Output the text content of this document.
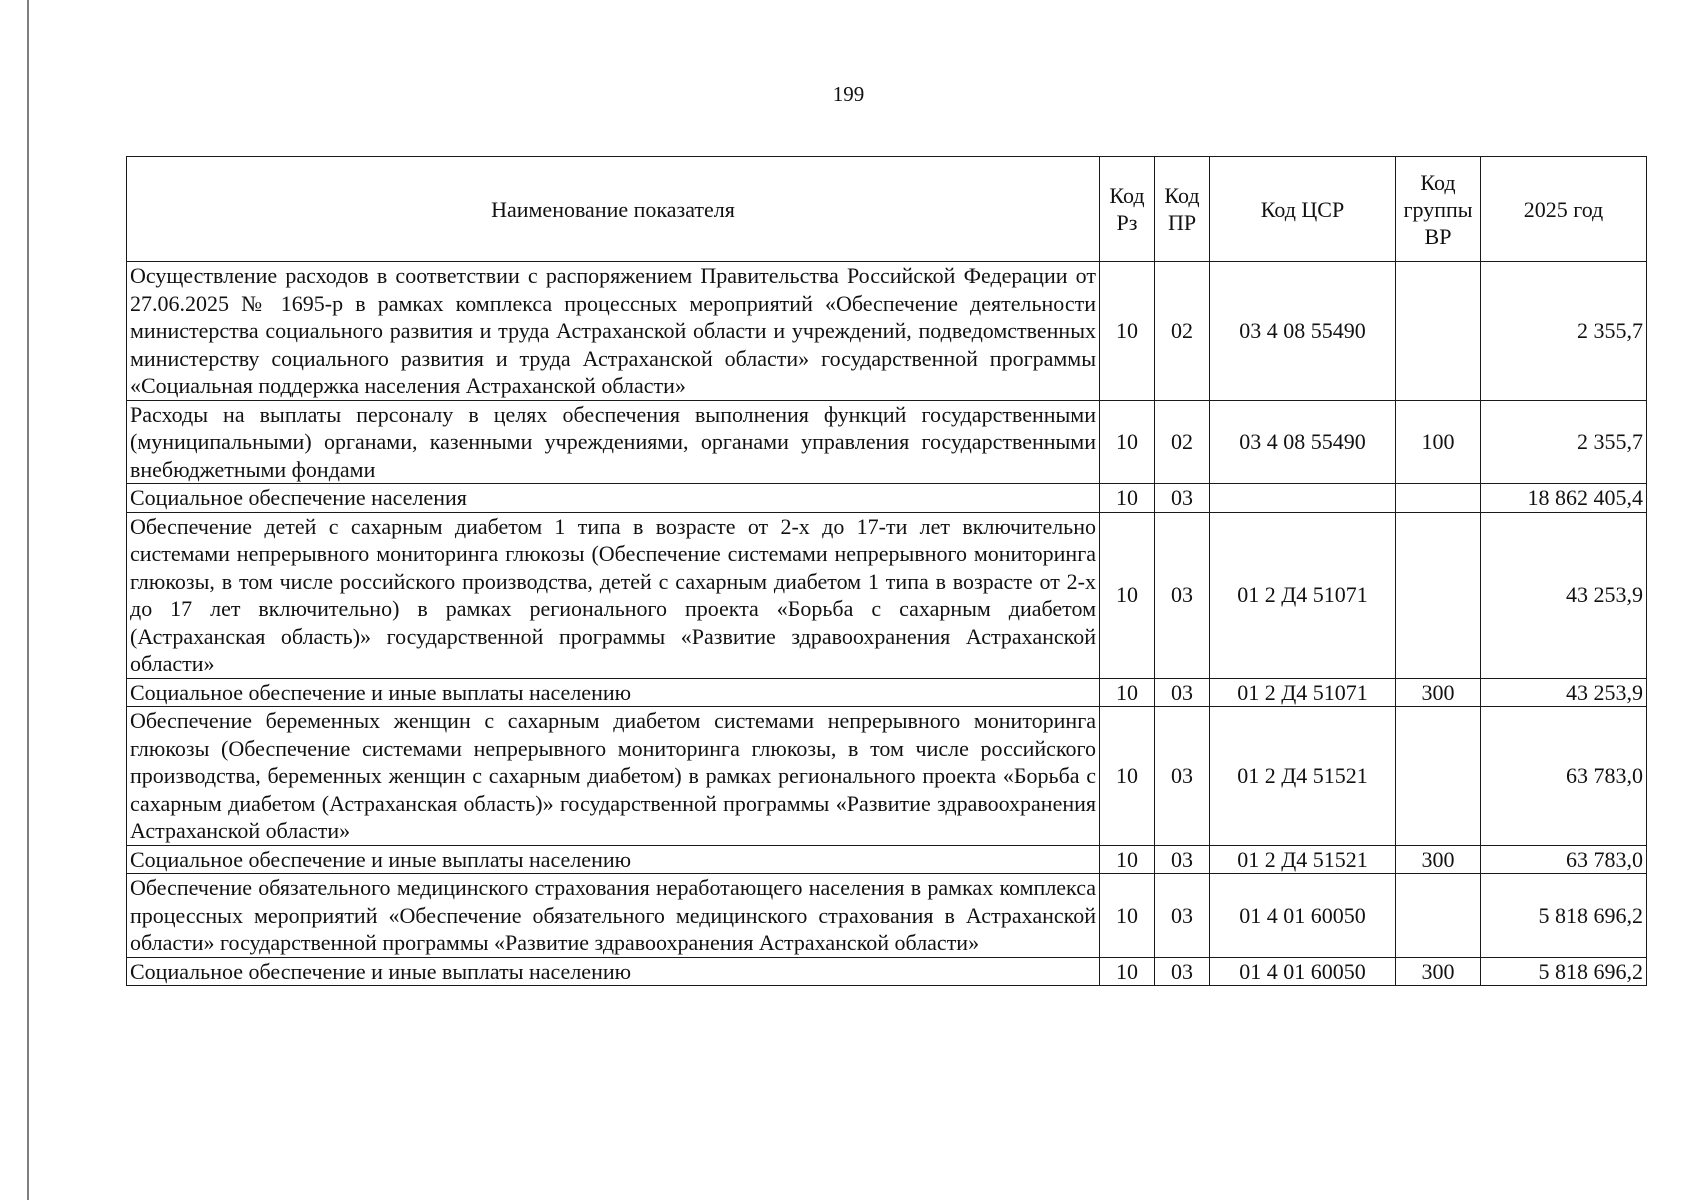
199
Наименование показателя	Код Рз	Код ПР	Код ЦСР	Код группы ВР	2025 год
Осуществление расходов в соответствии с распоряжением Правительства Российской Федерации от 27.06.2025 № 1695-р в рамках комплекса процессных мероприятий «Обеспечение деятельности министерства социального развития и труда Астраханской области и учреждений, подведомственных министерству социального развития и труда Астраханской области» государственной программы «Социальная поддержка населения Астраханской области»	10	02	03 4 08 55490		2 355,7
Расходы на выплаты персоналу в целях обеспечения выполнения функций государственными (муниципальными) органами, казенными учреждениями, органами управления государственными внебюджетными фондами	10	02	03 4 08 55490	100	2 355,7
Социальное обеспечение населения	10	03			18 862 405,4
Обеспечение детей с сахарным диабетом 1 типа в возрасте от 2-х до 17-ти лет включительно системами непрерывного мониторинга глюкозы (Обеспечение системами непрерывного мониторинга глюкозы, в том числе российского производства, детей с сахарным диабетом 1 типа в возрасте от 2-х до 17 лет включительно) в рамках регионального проекта «Борьба с сахарным диабетом (Астраханская область)» государственной программы «Развитие здравоохранения Астраханской области»	10	03	01 2 Д4 51071		43 253,9
Социальное обеспечение и иные выплаты населению	10	03	01 2 Д4 51071	300	43 253,9
Обеспечение беременных женщин с сахарным диабетом системами непрерывного мониторинга глюкозы (Обеспечение системами непрерывного мониторинга глюкозы, в том числе российского производства, беременных женщин с сахарным диабетом) в рамках регионального проекта «Борьба с сахарным диабетом (Астраханская область)» государственной программы «Развитие здравоохранения Астраханской области»	10	03	01 2 Д4 51521		63 783,0
Социальное обеспечение и иные выплаты населению	10	03	01 2 Д4 51521	300	63 783,0
Обеспечение обязательного медицинского страхования неработающего населения в рамках комплекса процессных мероприятий «Обеспечение обязательного медицинского страхования в Астраханской области» государственной программы «Развитие здравоохранения Астраханской области»	10	03	01 4 01 60050		5 818 696,2
Социальное обеспечение и иные выплаты населению	10	03	01 4 01 60050	300	5 818 696,2
